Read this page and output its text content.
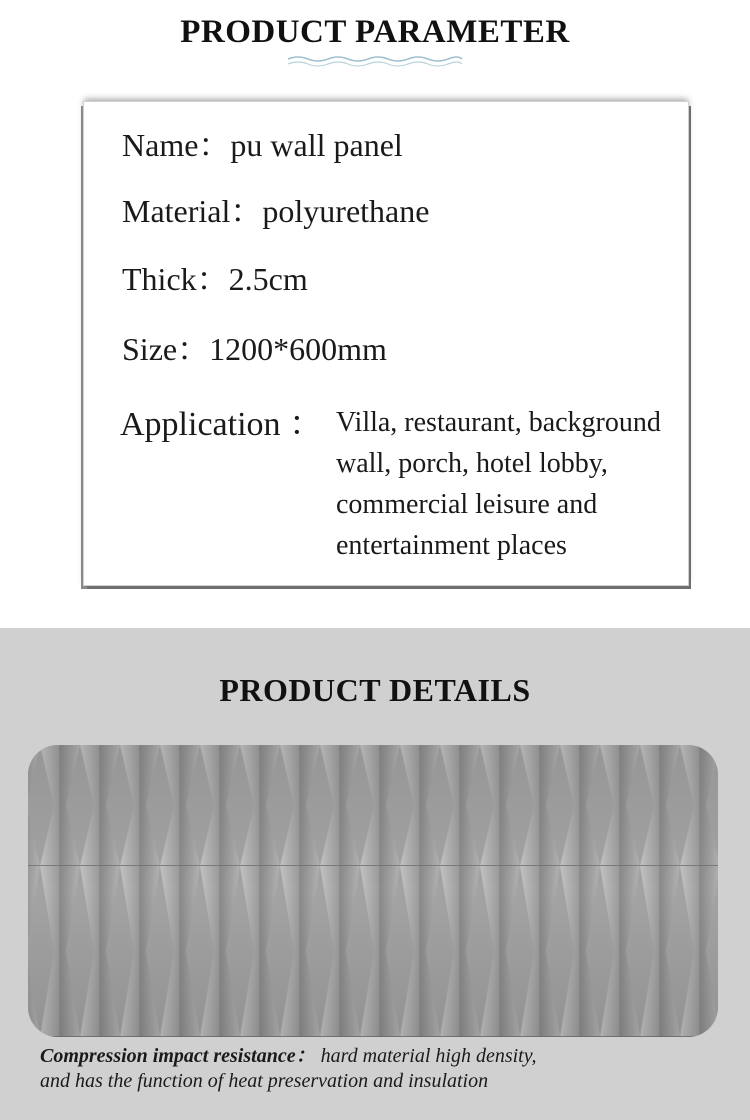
PRODUCT PARAMETER
Name：pu wall panel
Material：polyurethane
Thick：2.5cm
Size：1200*600mm
Application ： Villa, restaurant, background
wall, porch, hotel lobby,
commercial leisure and
entertainment places
PRODUCT DETAILS
Compression impact resistance： hard material high density,
and has the function of heat preservation and insulation
